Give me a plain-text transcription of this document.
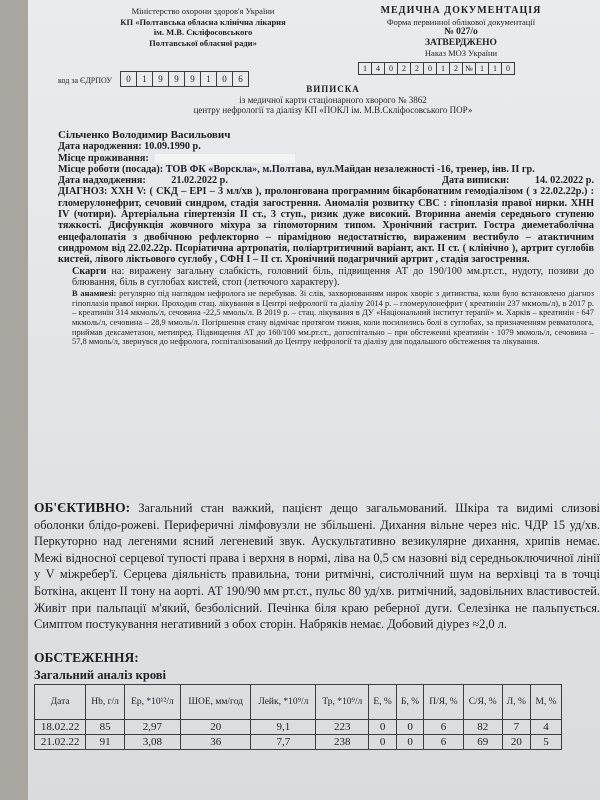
Міністерство охорони здоров'я України
КП «Полтавська обласна клінічна лікарня
ім. М.В. Скліфосовського
Полтавської обласної ради»
код за ЄДРПОУ	0	1	9	9	9	1	0	6
МЕДИЧНА ДОКУМЕНТАЦІЯ
Форма первинної облікової документації
№ 027/о
ЗАТВЕРДЖЕНО
Наказ МОЗ України
1	4	0	2	2	0	1	2 № 1	1	0
ВИПИСКА
із медичної карти стаціонарного хворого № 3862
центру нефрології та діалізу КП «ПОКЛ ім. М.В.Скліфосовського ПОР»

Сільченко Володимир Васильович

Дата народження: 10.09.1990 р.

Місце проживання:

Місце роботи (посада): ТОВ ФК «Ворскла», м.Полтава, вул.Майдан незалежності -16, тренер, інв. ІІ гр.

Дата надходження: 21.02.2022 р.	Дата виписки: 14. 02.2022 р.

ДІАГНОЗ: ХХН V: ( СКД – EPI – 3 мл/хв ), пролонгована програмним бікарбонатним гемодіалізом ( з 22.02.22р.) : гломерулонефрит, сечовий синдром, стадія загострення. Аномалія розвитку СВС : гіпоплазія правої нирки. ХНН IV (чотири). Артеріальна гіпертензія ІІ ст., 3 ступ., ризик дуже високий. Вторинна анемія середнього ступеню тяжкості. Дисфункція жовчного міхура за гіпомоторним типом. Хронічний гастрит. Гостра диеметаболічна енцефалопатія з двобічною рефлекторно – пірамідною недостатністю, вираженим вестибуло – атактичним синдромом від 22.02.22р. Псоріатична артропатія, поліартритичний варіант, акт. ІІ ст. ( клінічно ), артрит суглобів кистей, лівого ліктьового суглобу , СФН І – ІІ ст. Хронічний подагричний артрит , стадія загострення.

Скарги на: виражену загальну слабкість, головний біль, підвищення АТ до 190/100 мм.рт.ст., нудоту, позиви до блювання, біль в суглобах кистей, стоп (летючого характеру).

В анамнезі: регулярно під наглядом нефролога не перебував. Зі слів, захворюванням нирок хворіє з дитинства, коли було встановлено діагноз гіпоплазія правої нирки. Проходив стац. лікування в Центрі нефрології та діалізу 2014 р. – гломерулонефрит ( креатинін 237 мкмоль/л), в 2017 р. – креатинін 314 мкмоль/л, сечовина -22,5 ммоль/л. В 2019 р. – стац. лікування в ДУ «Національний інститут терапії» м. Харків – креатинін - 647 мкмоль/л, сечовина – 28,9 ммоль/л. Погіршення стану відмічає протягом тижня, коли посилились болі в суглобах, за призначенням ревматолога, приймав дексаметазон, метипред. Підвищення АТ до 160/100 мм.рт.ст., догоспітально – при обстеженні креатинін - 1079 мкмоль/л, сечовина – 57,8 ммоль/л, звернувся до нефролога, госпіталізований до Центру нефрології та діалізу для подальшого обстеження та лікування.

ОБ'ЄКТИВНО: Загальний стан важкий, пацієнт дещо загальмований. Шкіра та видимі слизові оболонки блідо-рожеві. Периферичні лімфовузли не збільшені. Дихання вільне через ніс. ЧДР 15 уд/хв. Перкуторно над легенями ясний легеневий звук. Аускультативно везикулярне дихання, хрипів немає. Межі відносної серцевої тупості права і верхня в нормі, ліва на 0,5 см назовні від середньоключичної лінії у V міжребер'ї. Серцева діяльність правильна, тони ритмічні, систолічний шум на верхівці та в точці Боткіна, акцент ІІ тону на аорті. АТ 190/90 мм рт.ст., пульс 80 уд/хв. ритмічний, задовільних властивостей. Живіт при пальпації м'який, безболісний. Печінка біля краю реберної дуги. Селезінка не пальпується. Симптом постукування негативний з обох сторін. Набряків немає. Добовий діурез ≈2,0 л.

ОБСТЕЖЕННЯ:
Загальний аналіз крові
Дата	Hb, г/л	Ер, *10¹²/л	ШОЕ, мм/год	Лейк, *10⁹/л	Тр, *10⁹/л	Е, %	Б, %	П/Я, %	С/Я, %	Л, %	М, %
18.02.22	85	2,97	20	9,1	223	0	0	6	82	7	4
21.02.22	91	3,08	36	7,7	238	0	0	6	69	20	5
